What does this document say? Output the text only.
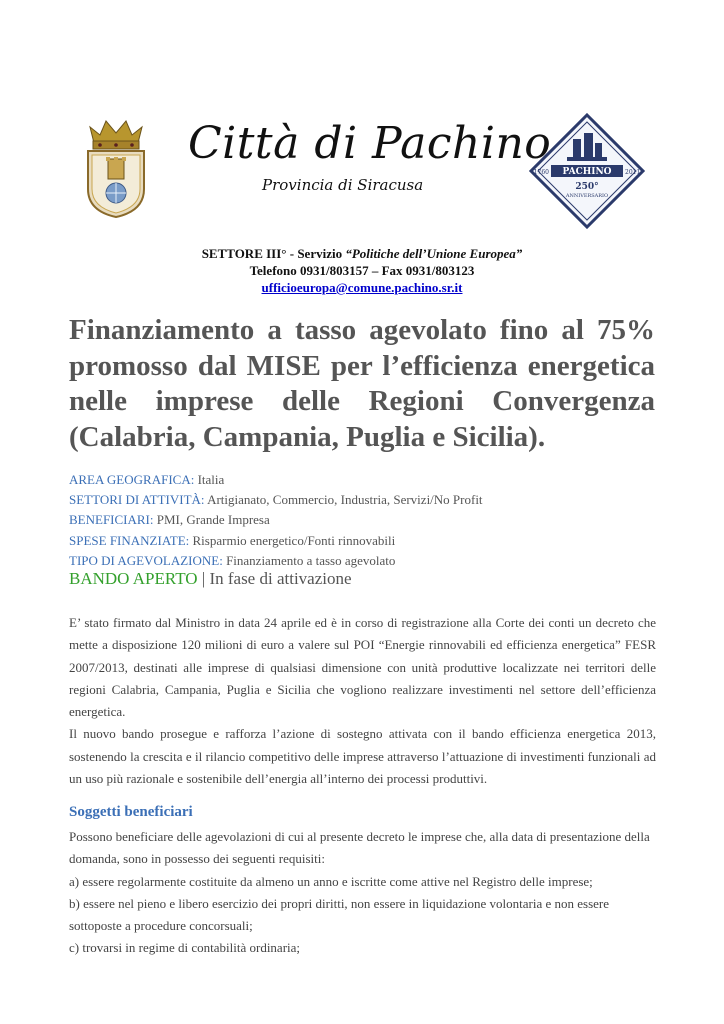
Città di Pachino
Provincia di Siracusa
PACHINO
1760	2011
250°
ANNIVERSARIO
SETTORE III° - Servizio “Politiche dell’Unione Europea”
Telefono 0931/803157 – Fax 0931/803123
ufficioeuropa@comune.pachino.sr.it
Finanziamento a tasso agevolato fino al 75% promosso dal MISE per l’efficienza energetica nelle imprese delle Regioni Convergenza (Calabria, Campania, Puglia e Sicilia).
AREA GEOGRAFICA: Italia
SETTORI DI ATTIVITÀ: Artigianato, Commercio, Industria, Servizi/No Profit
BENEFICIARI: PMI, Grande Impresa
SPESE FINANZIATE: Risparmio energetico/Fonti rinnovabili
TIPO DI AGEVOLAZIONE: Finanziamento a tasso agevolato
BANDO APERTO | In fase di attivazione

E’ stato firmato dal Ministro in data 24 aprile ed è in corso di registrazione alla Corte dei conti un decreto che mette a disposizione 120 milioni di euro a valere sul POI “Energie rinnovabili ed efficienza energetica” FESR 2007/2013, destinati alle imprese di qualsiasi dimensione con unità produttive localizzate nei territori delle regioni Calabria, Campania, Puglia e Sicilia che vogliono realizzare investimenti nel settore dell’efficienza energetica.

Il nuovo bando prosegue e rafforza l’azione di sostegno attivata con il bando efficienza energetica 2013, sostenendo la crescita e il rilancio competitivo delle imprese attraverso l’attuazione di investimenti funzionali ad un uso più razionale e sostenibile dell’energia all’interno dei processi produttivi.

Soggetti beneficiari

Possono beneficiare delle agevolazioni di cui al presente decreto le imprese che, alla data di presentazione della domanda, sono in possesso dei seguenti requisiti:

a) essere regolarmente costituite da almeno un anno e iscritte come attive nel Registro delle imprese;

b) essere nel pieno e libero esercizio dei propri diritti, non essere in liquidazione volontaria e non essere sottoposte a procedure concorsuali;

c) trovarsi in regime di contabilità ordinaria;
